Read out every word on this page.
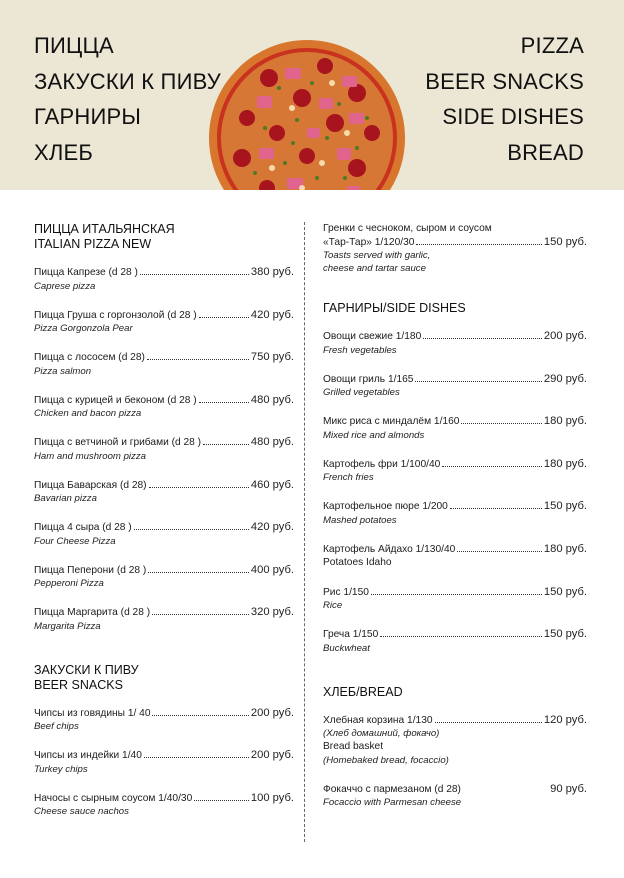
ПИЦЦА
ЗАКУСКИ К ПИВУ
ГАРНИРЫ
ХЛЕБ
PIZZA
BEER SNACKS
SIDE DISHES
BREAD
ПИЦЦА ИТАЛЬЯНСКАЯ
ITALIAN PIZZA NEW
Пицца Капрезе (d 28 )	380 руб.
Caprese pizza
Пицца Груша с горгонзолой (d 28 )	420 руб.
Pizza Gorgonzola Pear
Пицца с лососем (d 28)	750 руб.
Pizza salmon
Пицца с курицей и беконом (d 28 )	480 руб.
Chicken and bacon pizza
Пицца с ветчиной и грибами (d 28 )	480 руб.
Ham and mushroom pizza
Пицца Баварская (d 28)	460 руб.
Bavarian pizza
Пицца 4 сыра (d 28 )	420 руб.
Four Cheese Pizza
Пицца Пеперони (d 28 )	400 руб.
Pepperoni Pizza
Пицца Маргарита (d 28 )	320 руб.
Margarita Pizza
ЗАКУСКИ К ПИВУ
BEER SNACKS
Чипсы из говядины 1/ 40	200 руб.
Beef chips
Чипсы из индейки 1/40	200 руб.
Turkey chips
Начосы с сырным соусом 1/40/30	100 руб.
Cheese sauce nachos
Гренки с чесноком, сыром и соусом
«Тар-Тар» 1/120/30	150 руб.
Toasts served with garlic,
cheese and tartar sauce
ГАРНИРЫ/SIDE DISHES
Овощи свежие 1/180	200 руб.
Fresh vegetables
Овощи гриль 1/165	290 руб.
Grilled vegetables
Микс риса с миндалём 1/160	180 руб.
Mixed rice and almonds
Картофель фри 1/100/40	180 руб.
French fries
Картофельное пюре 1/200	150 руб.
Mashed potatoes
Картофель Айдахо 1/130/40	180 руб.
Potatoes Idaho
Рис 1/150	150 руб.
Rice
Греча 1/150	150 руб.
Buckwheat
ХЛЕБ/BREAD
Хлебная корзина 1/130	120 руб.
(Хлеб домашний, фокачо)
Bread basket
(Homebaked bread, focaccio)
Фокаччо с пармезаном (d 28)	90 руб.
Focaccio with Parmesan cheese
